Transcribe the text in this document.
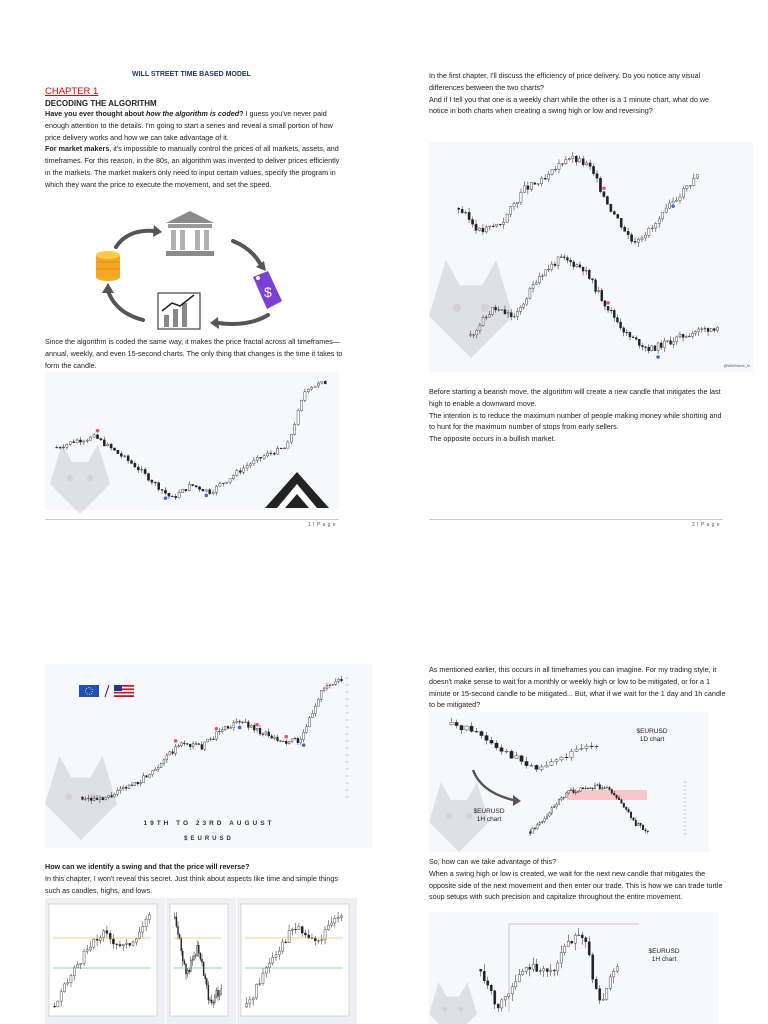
WILL STREET TIME BASED MODEL
CHAPTER 1
DECODING THE ALGORITHM
Have you ever thought about how the algorithm is coded? I guess you've never paid enough attention to the details. I'm going to start a series and reveal a small portion of how price delivery works and how we can take advantage of it.
For market makers, it's impossible to manually control the prices of all markets, assets, and timeframes. For this reason, in the 80s, an algorithm was invented to deliver prices efficiently in the markets. The market makers only need to input certain values, specify the program in which they want the price to execute the movement, and set the speed.
$
Since the algorithm is coded the same way, it makes the price fractal across all timeframes—annual, weekly, and even 15-second charts. The only thing that changes is the time it takes to form the candle.
1 | P a g e
In the first chapter, I'll discuss the efficiency of price delivery. Do you notice any visual differences between the two charts?
And if I tell you that one is a weekly chart while the other is a 1 minute chart, what do we notice in both charts when creating a swing high or low and reversing?
@WillStreet_fx
Before starting a bearish move, the algorithm will create a new candle that mitigates the last high to enable a downward move.
The intention is to reduce the maximum number of people making money while shorting and to hunt for the maximum number of stops from early sellers.
The opposite occurs in a bullish market.
2 | P a g e
19TH TO 23RD AUGUST
$EURUSD
How can we identify a swing and that the price will reverse?
In this chapter, I won't reveal this secret. Just think about aspects like time and simple things such as candles, highs, and lows.
As mentioned earlier, this occurs in all timeframes you can imagine. For my trading style, it doesn't make sense to wait for a monthly or weekly high or low to be mitigated, or for a 1 minute or 15-second candle to be mitigated... But, what if we wait for the 1 day and 1h candle to be mitigated?
$EURUSD
1D chart
$EURUSD
1H chart
So, how can we take advantage of this?
When a swing high or low is created, we wait for the next new candle that mitigates the opposite side of the next movement and then enter our trade. This is how we can trade turtle soup setups with such precision and capitalize throughout the entire movement.
$EURUSD
1H chart
